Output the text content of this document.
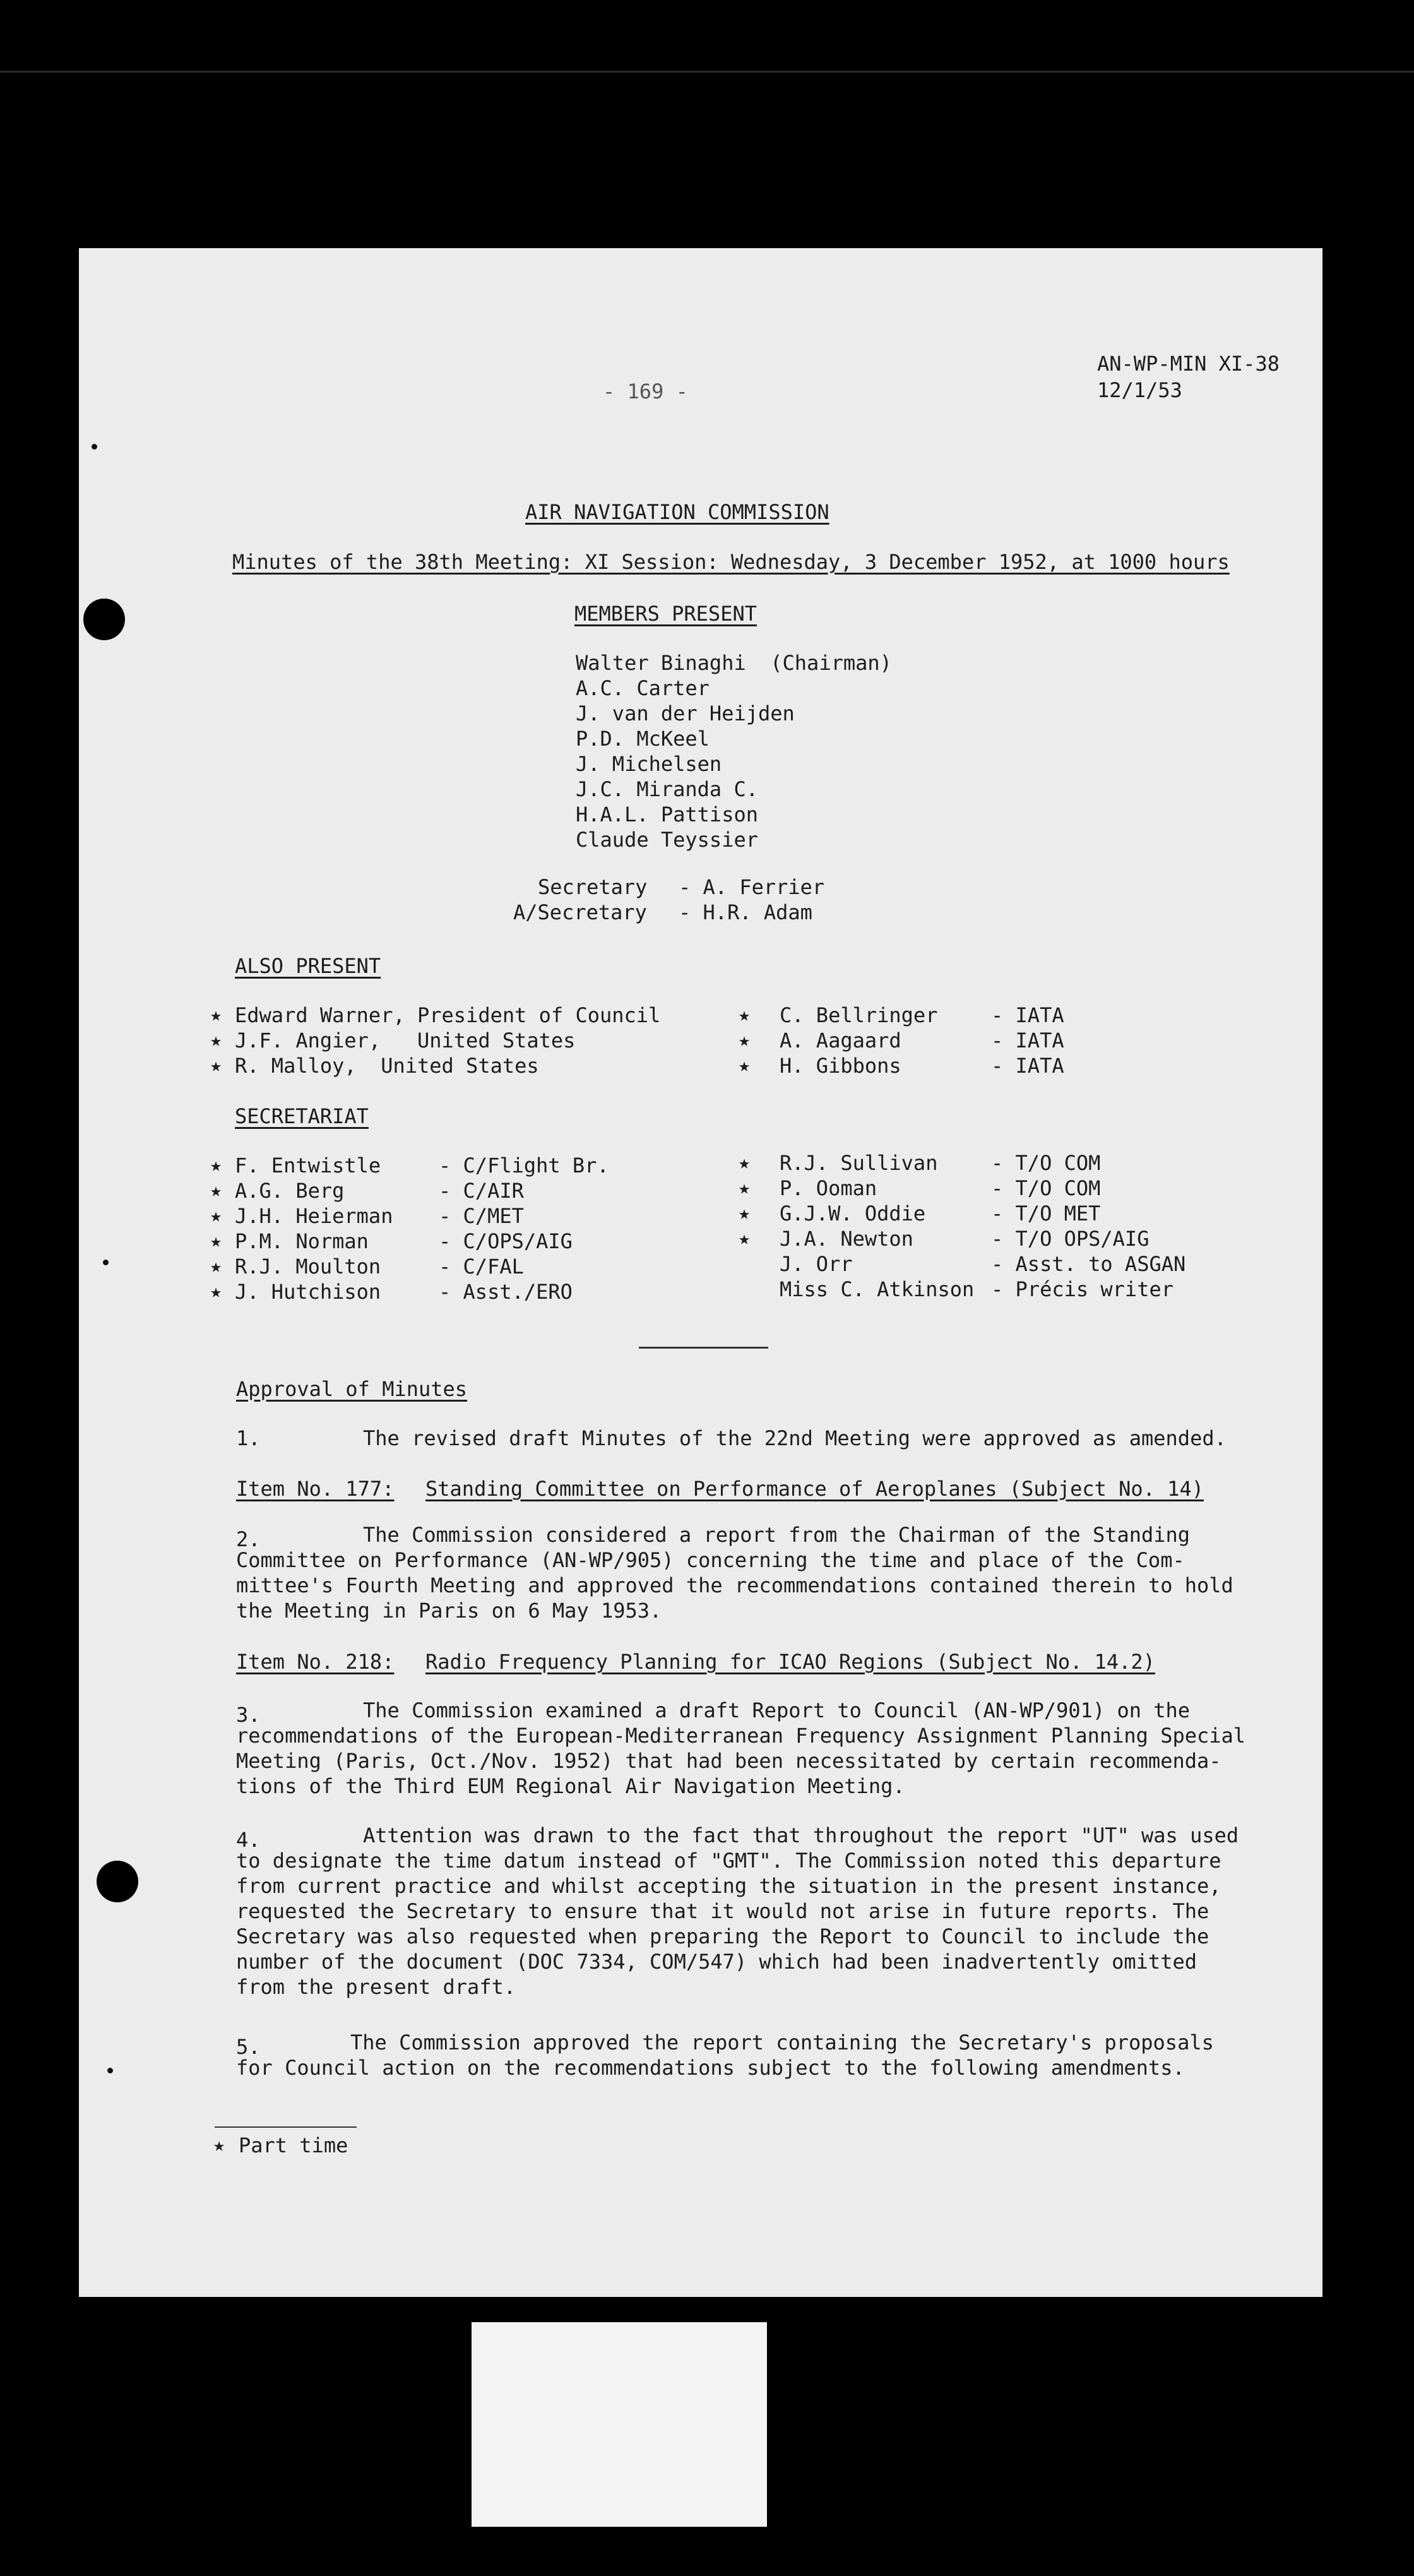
- 169 -
AN-WP-MIN XI-38
12/1/53
AIR NAVIGATION COMMISSION
Minutes of the 38th Meeting: XI Session: Wednesday, 3 December 1952, at 1000 hours
MEMBERS PRESENT
Walter Binaghi  (Chairman)
A.C. Carter
J. van der Heijden
P.D. McKeel
J. Michelsen
J.C. Miranda C.
H.A.L. Pattison
Claude Teyssier
Secretary - A. Ferrier
A/Secretary - H.R. Adam
ALSO PRESENT
★ Edward Warner, President of Council
★ J.F. Angier,   United States
★ R. Malloy,  United States
★ C. Bellringer	- IATA
★ A. Aagaard	- IATA
★ H. Gibbons	- IATA
SECRETARIAT
★ F. Entwistle	- C/Flight Br.
★ A.G. Berg	- C/AIR
★ J.H. Heierman - C/MET
★ P.M. Norman	- C/OPS/AIG
★ R.J. Moulton	- C/FAL
★ J. Hutchison	- Asst./ERO
★ R.J. Sullivan	- T/O COM
★ P. Ooman	- T/O COM
★ G.J.W. Oddie	- T/O MET
★ J.A. Newton	- T/O OPS/AIG
J. Orr	- Asst. to ASGAN
Miss C. Atkinson - Précis writer
Approval of Minutes
1.	The revised draft Minutes of the 22nd Meeting were approved as amended.
Item No. 177: Standing Committee on Performance of Aeroplanes (Subject No. 14)
2.	The Commission considered a report from the Chairman of the Standing
Committee on Performance (AN-WP/905) concerning the time and place of the Com-
mittee's Fourth Meeting and approved the recommendations contained therein to hold
the Meeting in Paris on 6 May 1953.
Item No. 218: Radio Frequency Planning for ICAO Regions (Subject No. 14.2)
3.	The Commission examined a draft Report to Council (AN-WP/901) on the
recommendations of the European-Mediterranean Frequency Assignment Planning Special
Meeting (Paris, Oct./Nov. 1952) that had been necessitated by certain recommenda-
tions of the Third EUM Regional Air Navigation Meeting.
4.	Attention was drawn to the fact that throughout the report "UT" was used
to designate the time datum instead of "GMT". The Commission noted this departure
from current practice and whilst accepting the situation in the present instance,
requested the Secretary to ensure that it would not arise in future reports. The
Secretary was also requested when preparing the Report to Council to include the
number of the document (DOC 7334, COM/547) which had been inadvertently omitted
from the present draft.
5.	The Commission approved the report containing the Secretary's proposals
for Council action on the recommendations subject to the following amendments.
★ Part time
